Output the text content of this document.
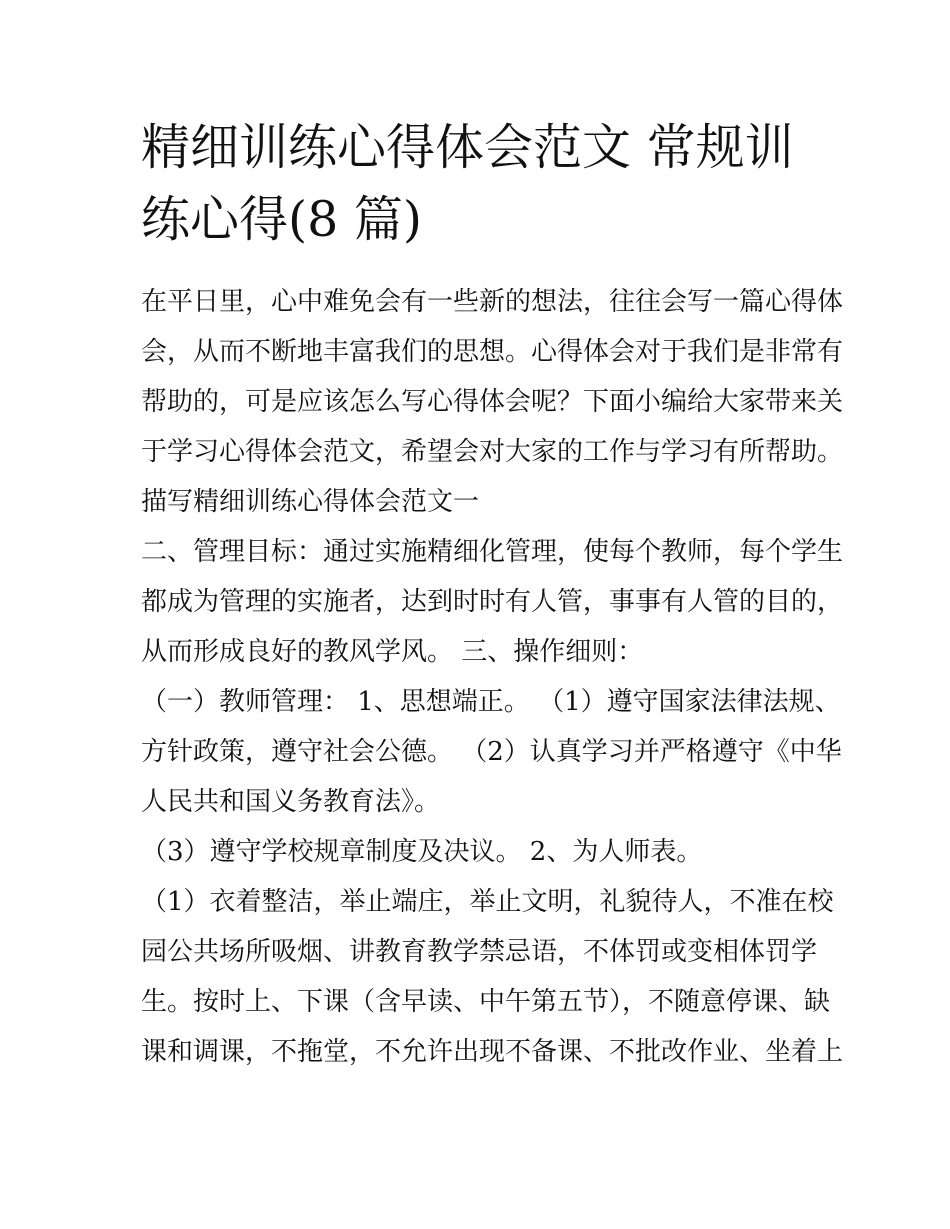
精细训练心得体会范文 常规训
练心得(8 篇)
在平日里，心中难免会有一些新的想法，往往会写一篇心得体
会，从而不断地丰富我们的思想。心得体会对于我们是非常有
帮助的，可是应该怎么写心得体会呢？下面小编给大家带来关
于学习心得体会范文，希望会对大家的工作与学习有所帮助。
描写精细训练心得体会范文一
二、管理目标：通过实施精细化管理，使每个教师，每个学生
都成为管理的实施者，达到时时有人管，事事有人管的目的，
从而形成良好的教风学风。 三、操作细则：
（一）教师管理： 1、思想端正。 （1）遵守国家法律法规、
方针政策，遵守社会公德。 （2）认真学习并严格遵守《中华
人民共和国义务教育法》。
（3）遵守学校规章制度及决议。 2、为人师表。
（1）衣着整洁，举止端庄，举止文明，礼貌待人，不准在校
园公共场所吸烟、讲教育教学禁忌语，不体罚或变相体罚学
生。按时上、下课（含早读、中午第五节），不随意停课、缺
课和调课，不拖堂，不允许出现不备课、不批改作业、坐着上
